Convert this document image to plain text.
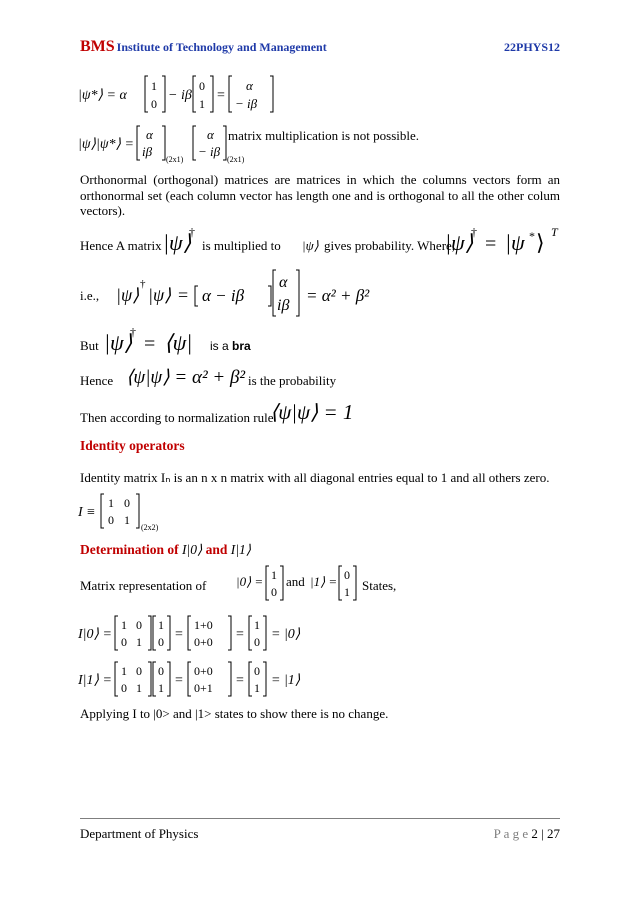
BMS Institute of Technology and Management	22PHYS12
|ψ*⟩ = α
1
0
− iβ
0
1
=
α
− iβ
|ψ⟩|ψ*⟩ =
α
iβ
(2x1)
α
− iβ
(2x1)
matrix multiplication is not possible.
Orthonormal (orthogonal) matrices are matrices in which the columns vectors form an orthonormal set (each column vector has length one and is orthogonal to all the other colum vectors).
Hence A matrix |ψ⟩
†
is multiplied to |ψ⟩ gives probability. Where,
|ψ⟩
†
= |ψ * ⟩ T
i.e., |ψ⟩
†
|ψ⟩ = α − iβ
α
iβ
= α² + β²
But |ψ⟩
†
= ⟨ψ| is a bra
Hence ⟨ψ|ψ⟩ = α² + β² is the probability
Then according to normalization rule
⟨ψ|ψ⟩ = 1
Identity operators
Identity matrix Iₙ is an n x n matrix with all diagonal entries equal to 1 and all others zero.
I ≡
1 0
0 1
(2x2)
Determination of I|0⟩ and I|1⟩
Matrix representation of |0⟩ = 1
0
and |1⟩ = 0
1 States,
I|0⟩ =
1 0
0 1
1
0 =
1+0
0+0 =
1
0 = |0⟩
I|1⟩ =
1 0
0 1
0
1 =
0+0
0+1 =
0
1 = |1⟩
Applying I to |0> and |1> states to show there is no change.
Department of Physics	P a g e 2 | 27
